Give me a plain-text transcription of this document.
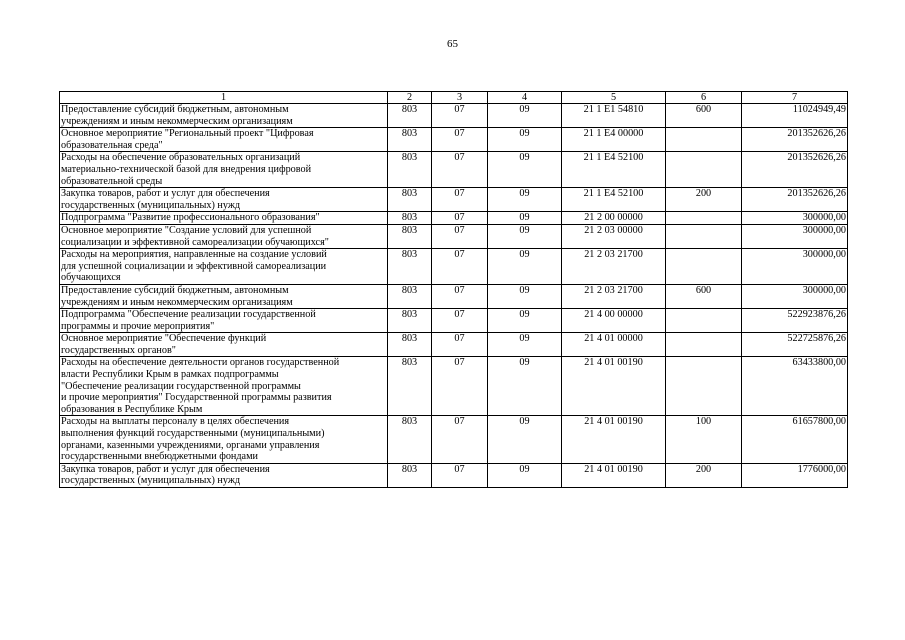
65
1	2	3	4	5	6	7
Предоставление субсидий бюджетным, автономным
учреждениям и иным некоммерческим организациям	803	07	09	21 1 E1 54810	600	11024949,49
Основное мероприятие "Региональный проект "Цифровая
образовательная среда"	803	07	09	21 1 E4 00000		201352626,26
Расходы на обеспечение образовательных организаций
материально-технической базой для внедрения цифровой
образовательной среды	803	07	09	21 1 E4 52100		201352626,26
Закупка товаров, работ и услуг для обеспечения
государственных (муниципальных) нужд	803	07	09	21 1 E4 52100	200	201352626,26
Подпрограмма "Развитие профессионального образования"	803	07	09	21 2 00 00000		300000,00
Основное мероприятие "Создание условий для успешной
социализации и эффективной самореализации обучающихся"	803	07	09	21 2 03 00000		300000,00
Расходы на мероприятия, направленные на создание условий
для успешной социализации и эффективной самореализации
обучающихся	803	07	09	21 2 03 21700		300000,00
Предоставление субсидий бюджетным, автономным
учреждениям и иным некоммерческим организациям	803	07	09	21 2 03 21700	600	300000,00
Подпрограмма "Обеспечение реализации государственной
программы и прочие мероприятия"	803	07	09	21 4 00 00000		522923876,26
Основное мероприятие "Обеспечение функций
государственных органов"	803	07	09	21 4 01 00000		522725876,26
Расходы на обеспечение деятельности органов государственной
власти Республики Крым в рамках подпрограммы
"Обеспечение реализации государственной программы
и прочие мероприятия" Государственной программы развития
образования в Республике Крым	803	07	09	21 4 01 00190		63433800,00
Расходы на выплаты персоналу в целях обеспечения
выполнения функций государственными (муниципальными)
органами, казенными учреждениями, органами управления
государственными внебюджетными фондами	803	07	09	21 4 01 00190	100	61657800,00
Закупка товаров, работ и услуг для обеспечения
государственных (муниципальных) нужд	803	07	09	21 4 01 00190	200	1776000,00
